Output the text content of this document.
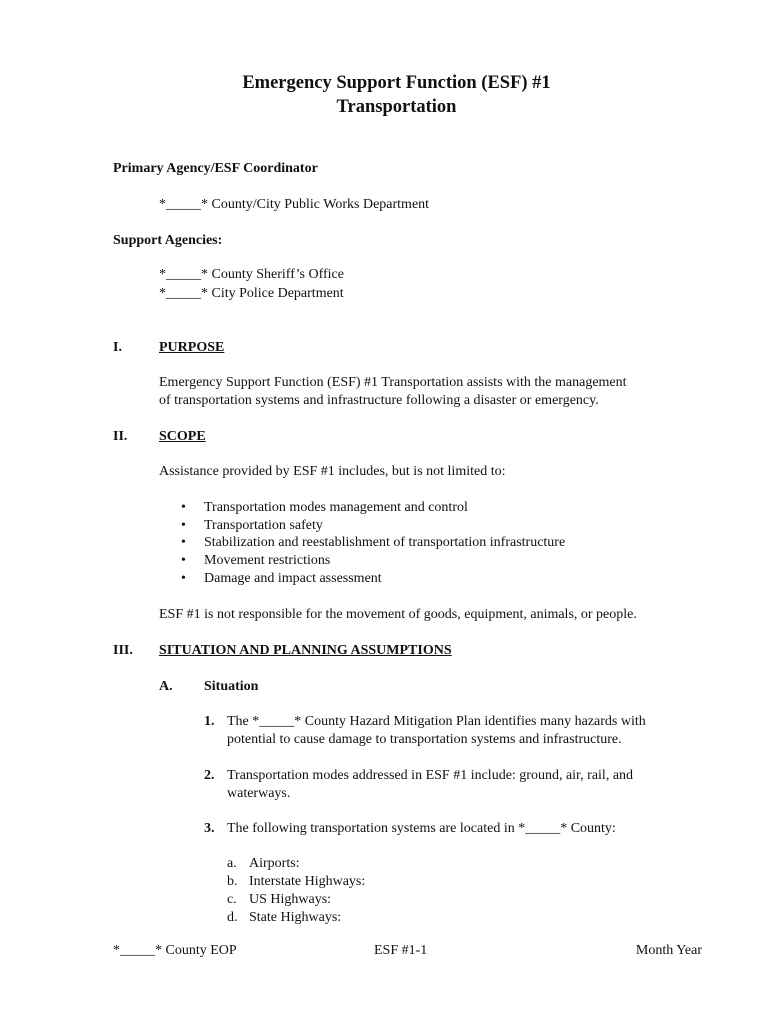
Emergency Support Function (ESF) #1
Transportation
Primary Agency/ESF Coordinator
*_____* County/City Public Works Department
Support Agencies:
*_____* County Sheriff’s Office
*_____* City Police Department
I.	PURPOSE
Emergency Support Function (ESF) #1 Transportation assists with the management
of transportation systems and infrastructure following a disaster or emergency.
II. SCOPE
Assistance provided by ESF #1 includes, but is not limited to:
• Transportation modes management and control
• Transportation safety
• Stabilization and reestablishment of transportation infrastructure
• Movement restrictions
• Damage and impact assessment
ESF #1 is not responsible for the movement of goods, equipment, animals, or people.
III. SITUATION AND PLANNING ASSUMPTIONS
A. Situation
1. The *_____* County Hazard Mitigation Plan identifies many hazards with
potential to cause damage to transportation systems and infrastructure.
2. Transportation modes addressed in ESF #1 include: ground, air, rail, and
waterways.
3. The following transportation systems are located in *_____* County:
a. Airports:
b. Interstate Highways:
c. US Highways:
d. State Highways:
*_____* County EOP	ESF #1-1	Month Year
